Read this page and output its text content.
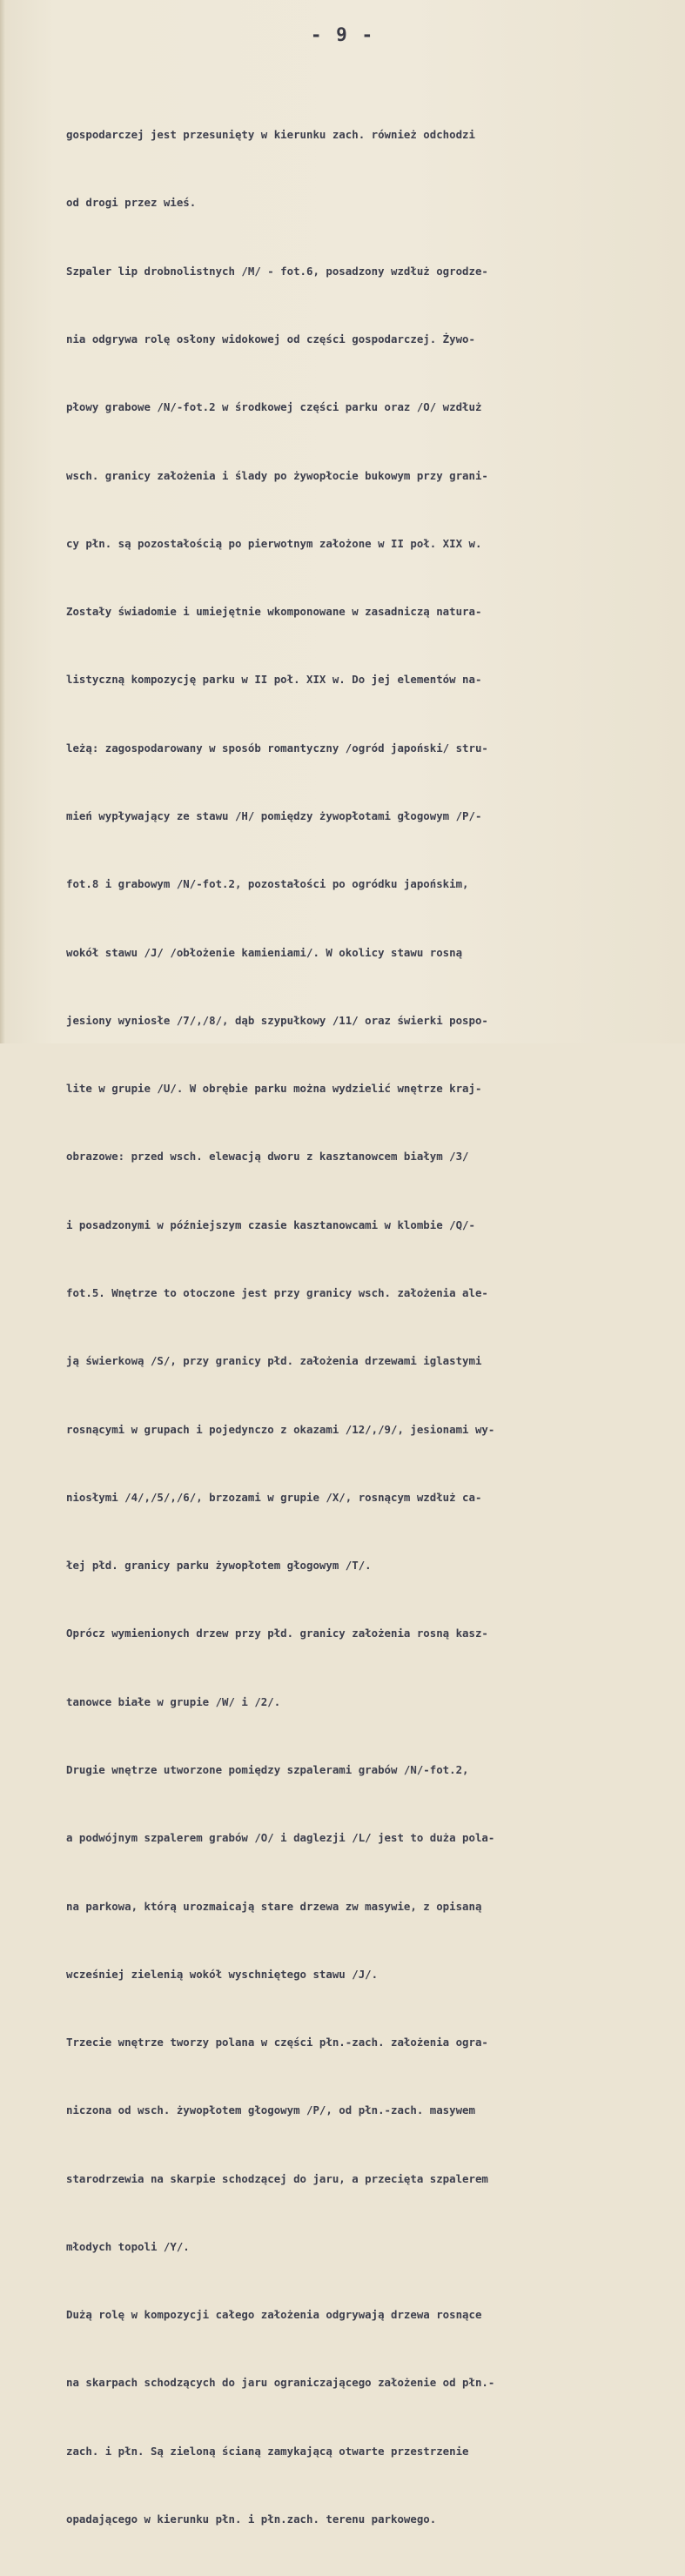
- 9 -

gospodarczej jest przesunięty w kierunku zach. również odchodzi

od drogi przez wieś.

Szpaler lip drobnolistnych /M/ - fot.6, posadzony wzdłuż ogrodze-

nia odgrywa rolę osłony widokowej od części gospodarczej. Żywo-

płowy grabowe /N/-fot.2 w środkowej części parku oraz /O/ wzdłuż

wsch. granicy założenia i ślady po żywopłocie bukowym przy grani-

cy płn. są pozostałością po pierwotnym założone w II poł. XIX w.

Zostały świadomie i umiejętnie wkomponowane w zasadniczą natura-

listyczną kompozycję parku w II poł. XIX w. Do jej elementów na-

leżą: zagospodarowany w sposób romantyczny /ogród japoński/ stru-

mień wypływający ze stawu /H/ pomiędzy żywopłotami głogowym /P/-

fot.8 i grabowym /N/-fot.2, pozostałości po ogródku japońskim,

wokół stawu /J/ /obłożenie kamieniami/. W okolicy stawu rosną

jesiony wyniosłe /7/,/8/, dąb szypułkowy /11/ oraz świerki pospo-

lite w grupie /U/. W obrębie parku można wydzielić wnętrze kraj-

obrazowe: przed wsch. elewacją dworu z kasztanowcem białym /3/

i posadzonymi w późniejszym czasie kasztanowcami w klombie /Q/-

fot.5. Wnętrze to otoczone jest przy granicy wsch. założenia ale-

ją świerkową /S/, przy granicy płd. założenia drzewami iglastymi

rosnącymi w grupach i pojedynczo z okazami /12/,/9/, jesionami wy-

niosłymi /4/,/5/,/6/, brzozami w grupie /X/, rosnącym wzdłuż ca-

łej płd. granicy parku żywopłotem głogowym /T/.

Oprócz wymienionych drzew przy płd. granicy założenia rosną kasz-

tanowce białe w grupie /W/ i /2/.

Drugie wnętrze utworzone pomiędzy szpalerami grabów /N/-fot.2,

a podwójnym szpalerem grabów /O/ i daglezji /L/ jest to duża pola-

na parkowa, którą urozmaicają stare drzewa zw masywie, z opisaną

wcześniej zielenią wokół wyschniętego stawu /J/.

Trzecie wnętrze tworzy polana w części płn.-zach. założenia ogra-

niczona od wsch. żywopłotem głogowym /P/, od płn.-zach. masywem

starodrzewia na skarpie schodzącej do jaru, a przecięta szpalerem

młodych topoli /Y/.

Dużą rolę w kompozycji całego założenia odgrywają drzewa rosnące

na skarpach schodzących do jaru ograniczającego założenie od płn.-

zach. i płn. Są zieloną ścianą zamykającą otwarte przestrzenie

opadającego w kierunku płn. i płn.zach. terenu parkowego.
